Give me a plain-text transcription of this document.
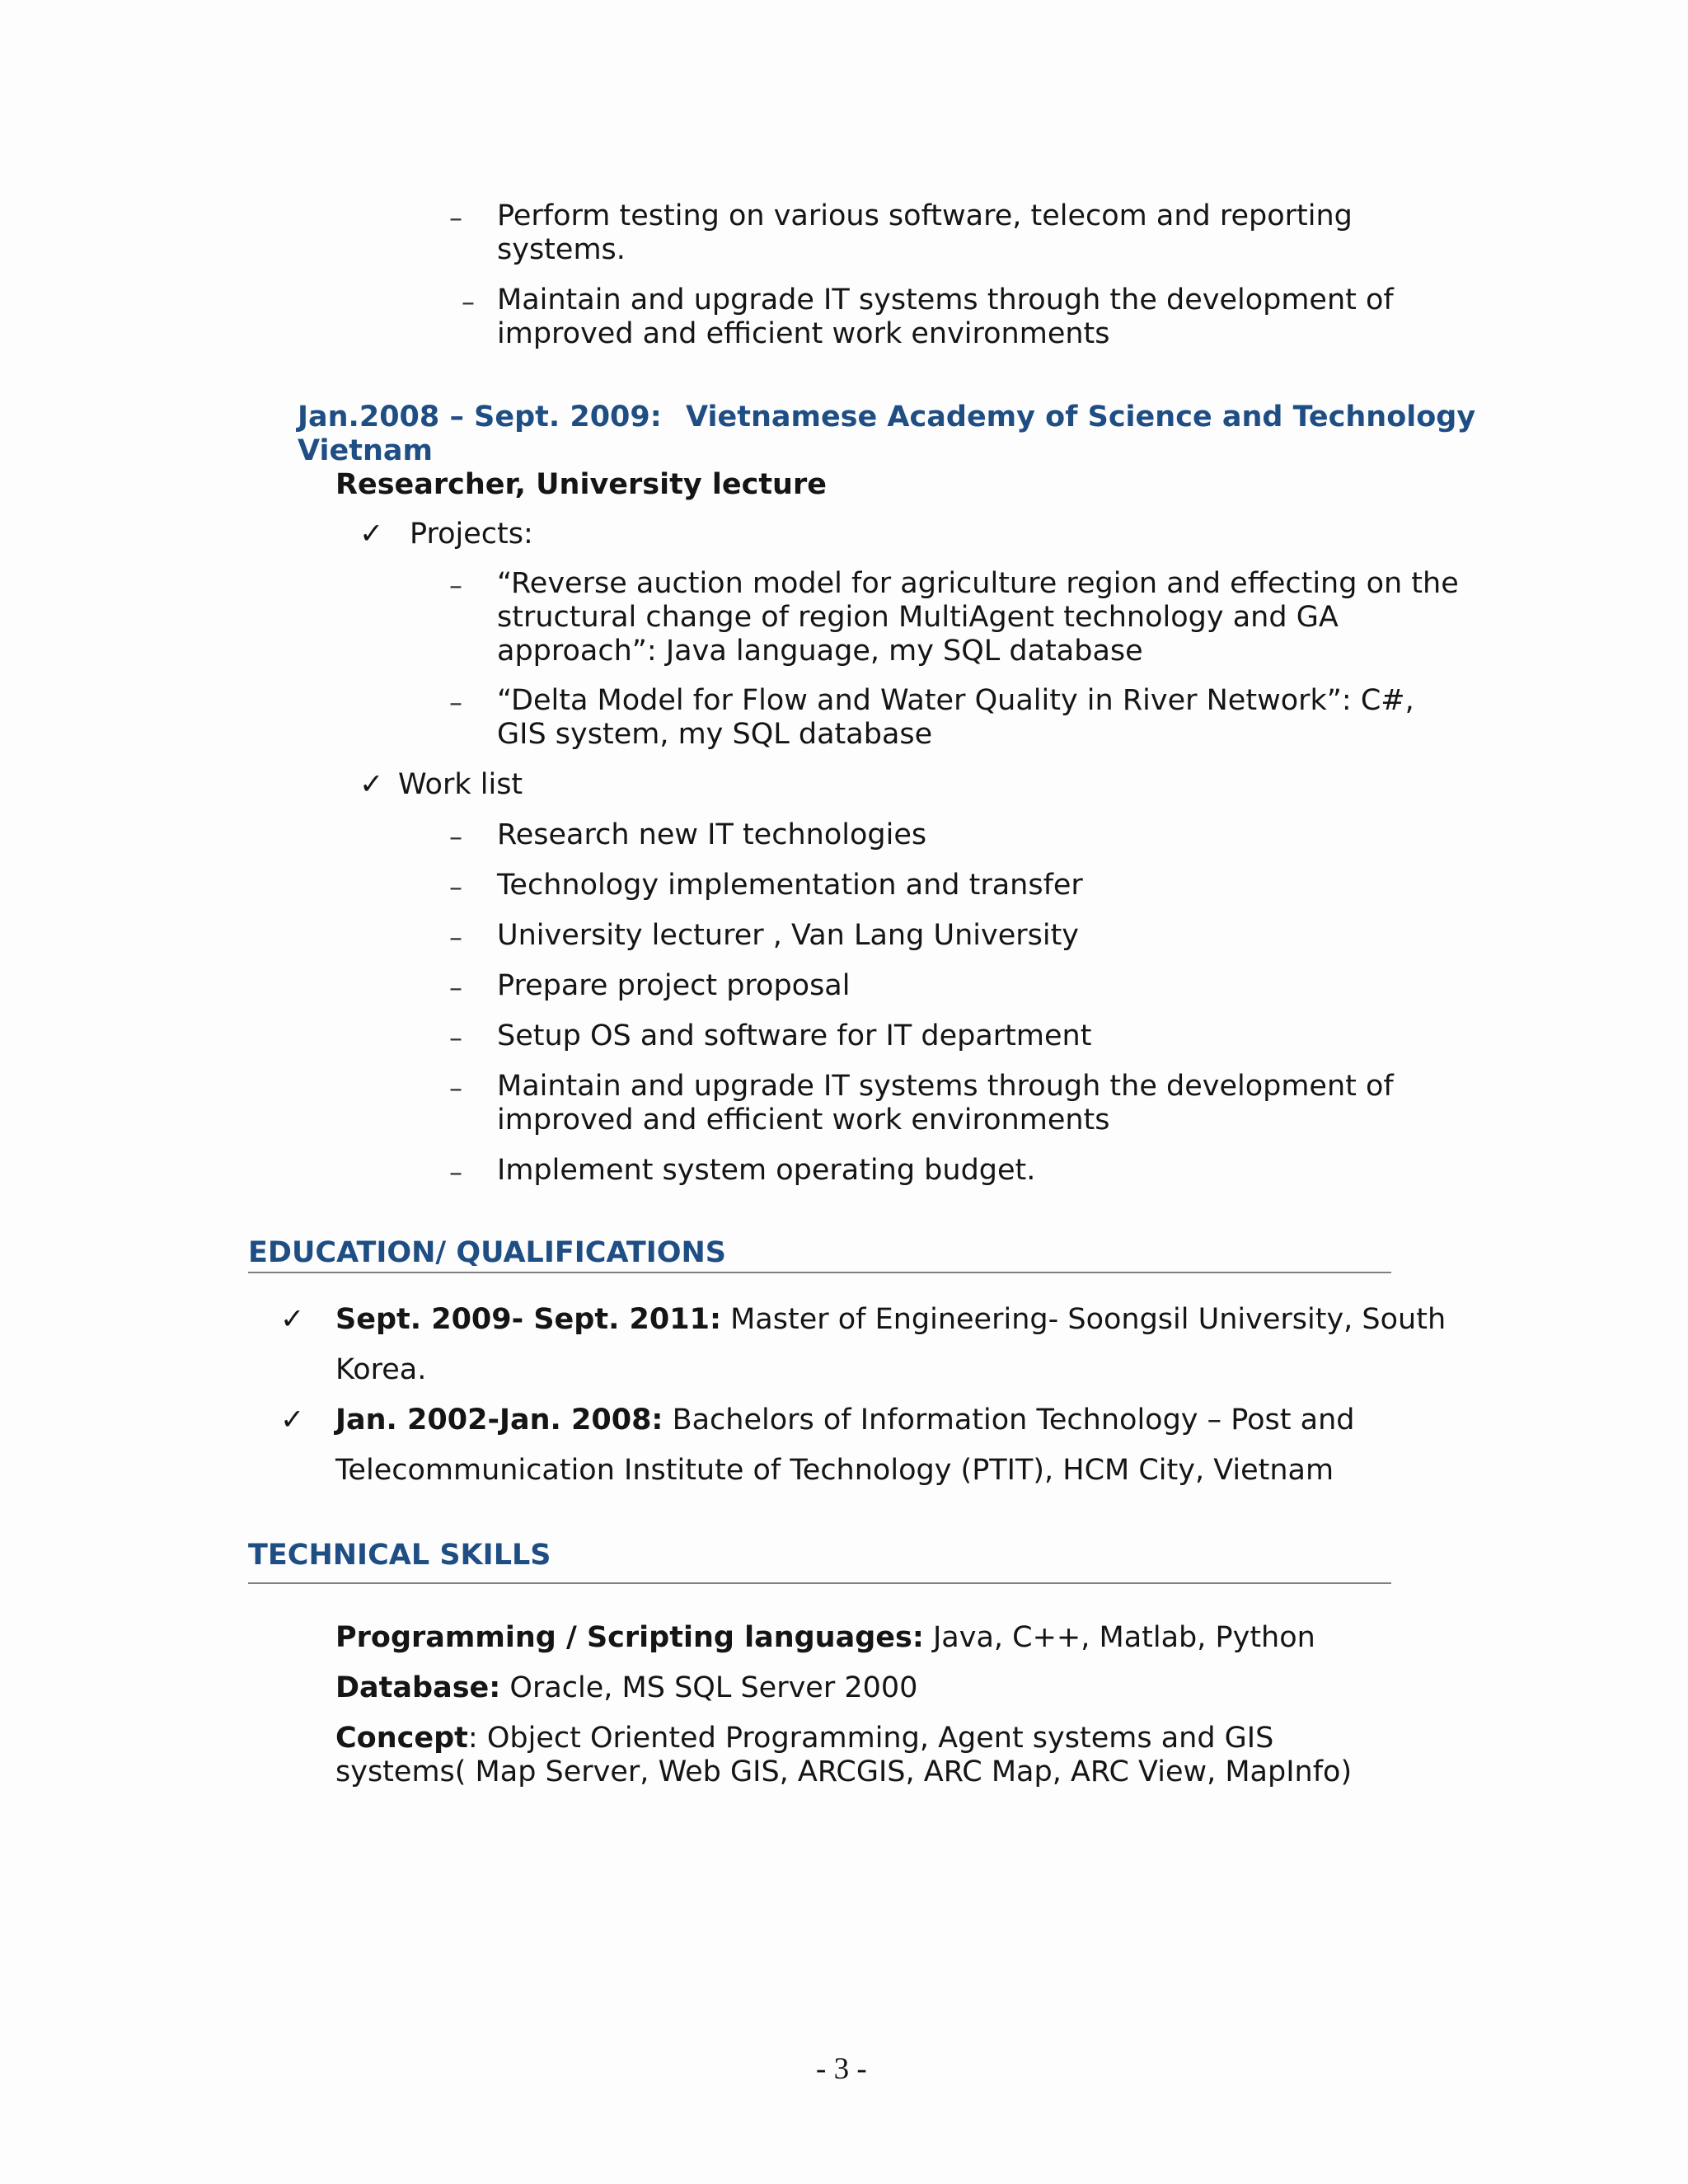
– Perform testing on various software, telecom and reporting
systems.
– Maintain and upgrade IT systems through the development of
improved and efficient work environments
Jan.2008 – Sept. 2009: Vietnamese Academy of Science and Technology
Vietnam
Researcher, University lecture
✓ Projects:
– “Reverse auction model for agriculture region and effecting on the
structural change of region MultiAgent technology and GA
approach”: Java language, my SQL database
– “Delta Model for Flow and Water Quality in River Network”: C#,
GIS system, my SQL database
✓ Work list
– Research new IT technologies
– Technology implementation and transfer
– University lecturer , Van Lang University
– Prepare project proposal
– Setup OS and software for IT department
– Maintain and upgrade IT systems through the development of
improved and efficient work environments
– Implement system operating budget.
EDUCATION/ QUALIFICATIONS
✓ Sept. 2009- Sept. 2011: Master of Engineering- Soongsil University, South
Korea.
✓ Jan. 2002-Jan. 2008: Bachelors of Information Technology – Post and
Telecommunication Institute of Technology (PTIT), HCM City, Vietnam
TECHNICAL SKILLS
Programming / Scripting languages: Java, C++, Matlab, Python
Database: Oracle, MS SQL Server 2000
Concept: Object Oriented Programming, Agent systems and GIS
systems( Map Server, Web GIS, ARCGIS, ARC Map, ARC View, MapInfo)
- 3 -
